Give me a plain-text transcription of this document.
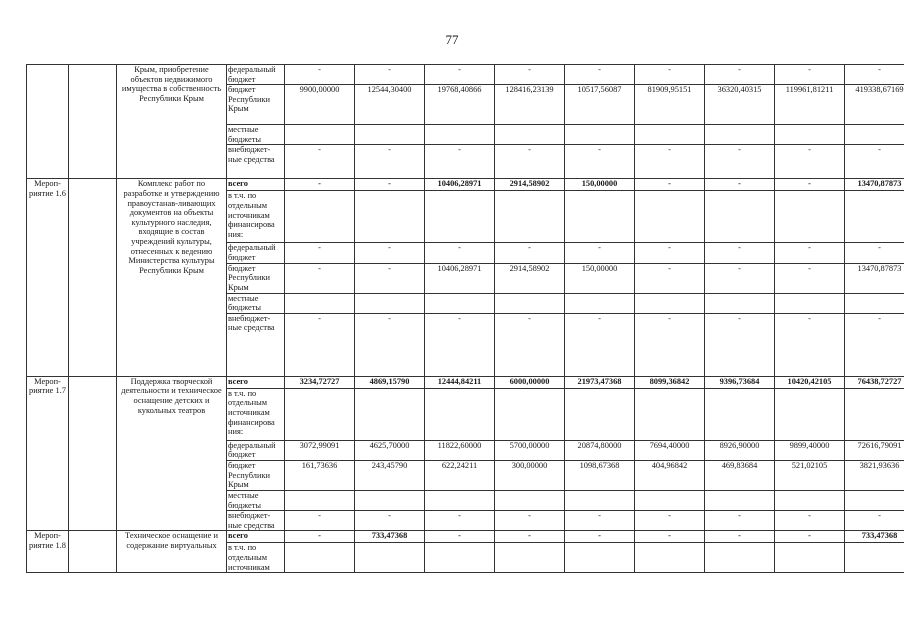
77
		Крым, приобретение объектов недвижимого имущества в собственность Республики Крым	федеральный бюджет	-	-	-	-	-	-	-	-	-
			бюджет Республики Крым	9900,00000	12544,30400	19768,40866	128416,23139	10517,56087	81909,95151	36320,40315	119961,81211	419338,67169
			местные бюджеты									
			внебюджет-ные средства	-	-	-	-	-	-	-	-	-
Мероп-риятие 1.6		Комплекс работ по разработке и утверждению правоустанав-ливающих документов на объекты культурного наследия, входящие в состав учреждений культуры, отнесенных к ведению Министерства культуры Республики Крым	всего	-	-	10406,28971	2914,58902	150,00000	-	-	-	13470,87873
			в т.ч. по отдельным источникам финансирова ния:									
			федеральный бюджет	-	-	-	-	-	-	-	-	-
			бюджет Республики Крым	-	-	10406,28971	2914,58902	150,00000	-	-	-	13470,87873
			местные бюджеты									
			внебюджет-ные средства	-	-	-	-	-	-	-	-	-
Мероп-риятие 1.7		Поддержка творческой деятельности и техническое оснащение детских и кукольных театров	всего	3234,72727	4869,15790	12444,84211	6000,00000	21973,47368	8099,36842	9396,73684	10420,42105	76438,72727
			в т.ч. по отдельным источникам финансирова ния:									
			федеральный бюджет	3072,99091	4625,70000	11822,60000	5700,00000	20874,80000	7694,40000	8926,90000	9899,40000	72616,79091
			бюджет Республики Крым	161,73636	243,45790	622,24211	300,00000	1098,67368	404,96842	469,83684	521,02105	3821,93636
			местные бюджеты									
			внебюджет-ные средства	-	-	-	-	-	-	-	-	-
Мероп-риятие 1.8		Техническое оснащение и содержание виртуальных	всего	-	733,47368	-	-	-	-	-	-	733,47368
			в т.ч. по отдельным источникам									
